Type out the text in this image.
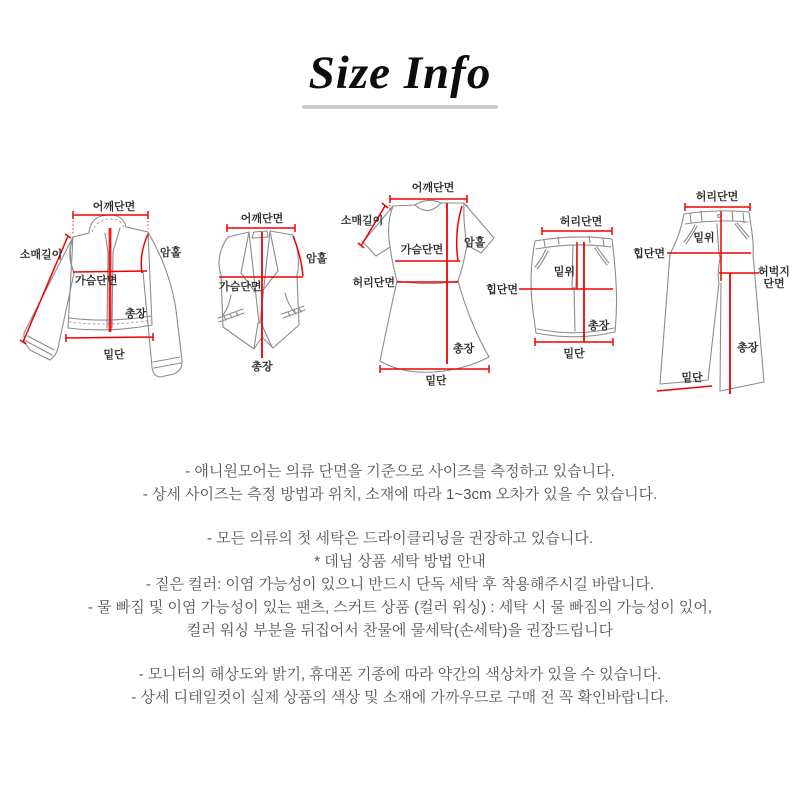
Size Info
어깨단면
소매길이	암홀
가슴단면
총장
밑단
어깨단면
암홀
가슴단면
총장
어깨단면
소매길이
가슴단면
암홀
허리단면
총장
밑단
허리단면
밑위
힙단면
총장
밑단
허리단면
밑위
힙단면
허벅지
단면
총장
밑단

- 애니원모어는 의류 단면을 기준으로 사이즈를 측정하고 있습니다.

- 상세 사이즈는 측정 방법과 위치, 소재에 따라 1~3cm 오차가 있을 수 있습니다.

- 모든 의류의 첫 세탁은 드라이클리닝을 권장하고 있습니다.

* 데님 상품 세탁 방법 안내

- 짙은 컬러: 이염 가능성이 있으니 반드시 단독 세탁 후 착용해주시길 바랍니다.

- 물 빠짐 및 이염 가능성이 있는 팬츠, 스커트 상품 (컬러 워싱) : 세탁 시 물 빠짐의 가능성이 있어,

컬러 워싱 부분을 뒤집어서 찬물에 물세탁(손세탁)을 권장드립니다

- 모니터의 해상도와 밝기, 휴대폰 기종에 따라 약간의 색상차가 있을 수 있습니다.

- 상세 디테일컷이 실제 상품의 색상 및 소재에 가까우므로 구매 전 꼭 확인바랍니다.
